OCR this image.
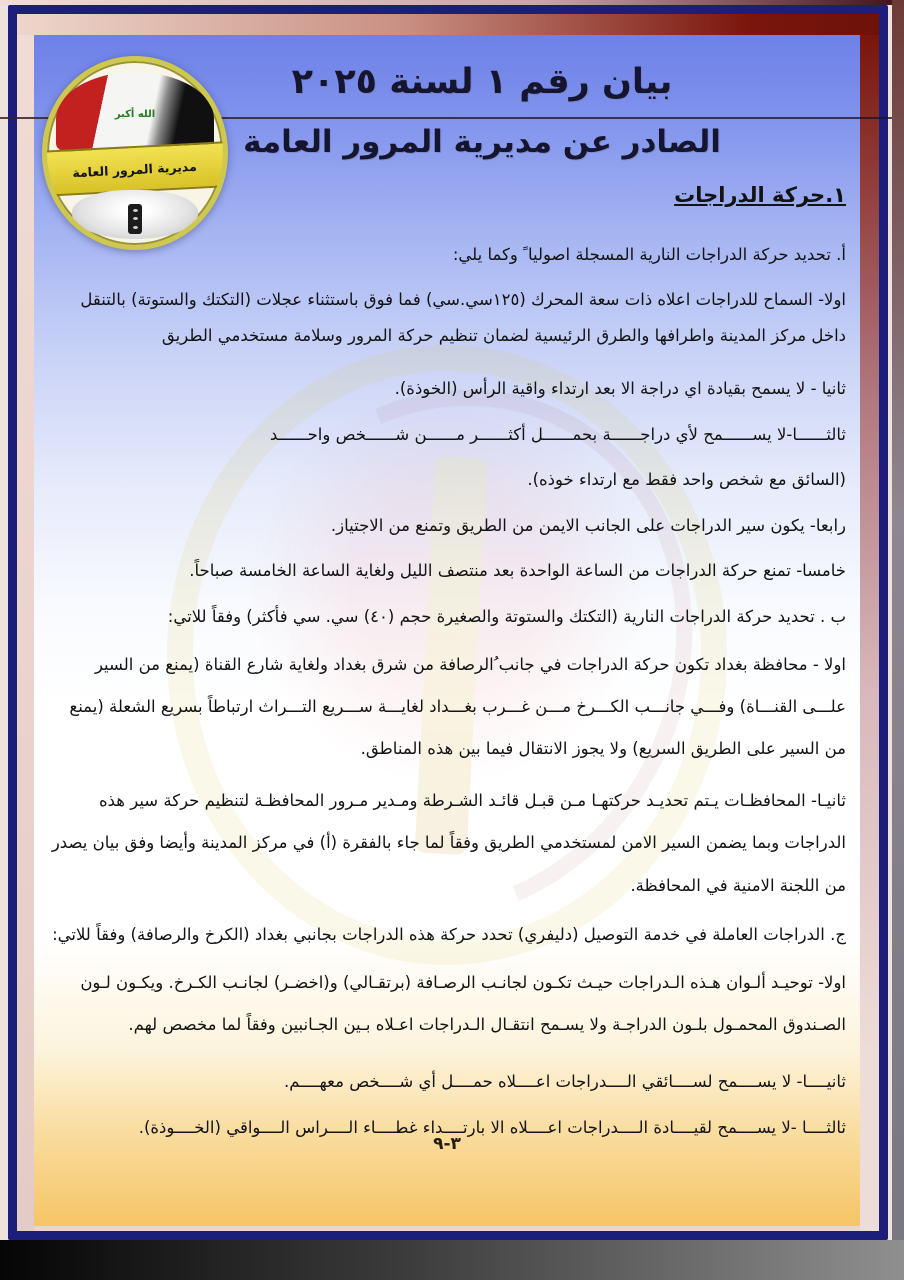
١.حركة الدراجات

أ. تحديد حركة الدراجات النارية المسجلة اصوليا ً وكما يلي:

اولا- السماح للدراجات اعلاه ذات سعة المحرك (١٢٥سي.سي) فما فوق باستثناء عجلات (التكتك والستوتة) بالتنقل داخل مركز المدينة واطرافها والطرق الرئيسية لضمان تنظيم حركة المرور وسلامة مستخدمي الطريق

ثانيا - لا يسمح بقيادة اي دراجة الا بعد ارتداء واقية الرأس (الخوذة).

ثالثــــــا-لا يســــــمح لأي دراجــــــة بحمــــــل أكثــــــر مــــــن شــــــخص واحــــــد

(السائق مع شخص واحد فقط مع ارتداء خوذه).

رابعا- يكون سير الدراجات على الجانب الايمن من الطريق وتمنع من الاجتياز.

خامسا- تمنع حركة الدراجات من الساعة الواحدة بعد منتصف الليل ولغاية الساعة الخامسة صباحاً.

ب . تحديد حركة الدراجات النارية (التكتك والستوتة والصغيرة حجم (٤٠) سي. سي فأكثر) وفقاً للاتي:

اولا - محافظة بغداد تكون حركة الدراجات في جانب ُالرصافة من شرق بغداد ولغاية شارع القناة (يمنع من السير علـــى القنـــاة) وفـــي جانـــب الكـــرخ مـــن غـــرب بغـــداد لغايـــة ســـريع التـــراث ارتباطاً بسريع الشعلة (يمنع من السير على الطريق السريع) ولا يجوز الانتقال فيما بين هذه المناطق.

ثانيـا- المحافظـات يـتم تحديـد حركتهـا مـن قبـل قائـد الشـرطة ومـدير مـرور المحافظـة لتنظيم حركة سير هذه الدراجات وبما يضمن السير الامن لمستخدمي الطريق وفقاً لما جاء بالفقرة (أ) في مركز المدينة وأيضا وفق بيان يصدر من اللجنة الامنية في المحافظة.

ج. الدراجات العاملة في خدمة التوصيل (دليفري) تحدد حركة هذه الدراجات بجانبي بغداد (الكرخ والرصافة) وفقاً للاتي:

اولا- توحيـد ألـوان هـذه الـدراجات حيـث تكـون لجانـب الرصـافة (برتقـالي) و(اخضـر) لجانـب الكـرخ. ويكـون لـون الصـندوق المحمـول بلـون الدراجـة ولا يسـمح انتقـال الـدراجات اعـلاه بـين الجـانبين وفقاً لما مخصص لهم.

ثانيــــا- لا يســــمح لســــائقي الــــدراجات اعــــلاه حمــــل أي شــــخص معهــــم.

ثالثــــا -لا يســــمح لقيــــادة الــــدراجات اعــــلاه الا بارتــــداء غطــــاء الــــراس الــــواقي (الخــــوذة).

٣-٩
بيان رقم ١ لسنة ٢٠٢٥
الصادر عن مديرية المرور العامة
الله أكبر
مديرية المرور العامة
